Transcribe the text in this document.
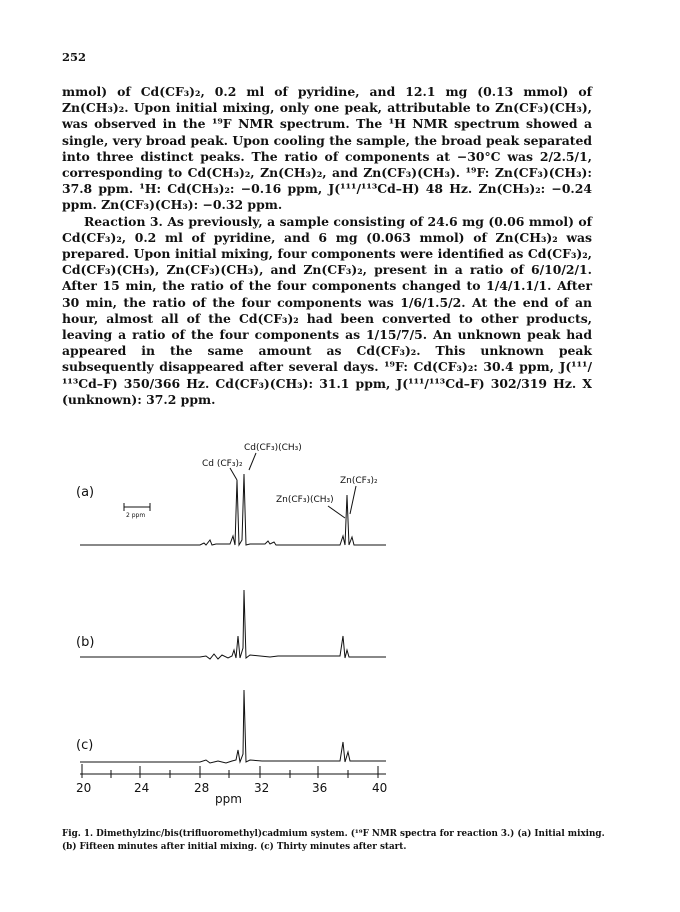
252

mmol) of Cd(CF₃)₂, 0.2 ml of pyridine, and 12.1 mg (0.13 mmol) of Zn(CH₃)₂. Upon initial mixing, only one peak, attributable to Zn(CF₃)(CH₃), was observed in the ¹⁹F NMR spectrum. The ¹H NMR spectrum showed a single, very broad peak. Upon cooling the sample, the broad peak separated into three distinct peaks. The ratio of components at −30°C was 2/2.5/1, corresponding to Cd(CH₃)₂, Zn(CH₃)₂, and Zn(CF₃)(CH₃). ¹⁹F: Zn(CF₃)(CH₃): 37.8 ppm. ¹H: Cd(CH₃)₂: −0.16 ppm, J(¹¹¹/¹¹³Cd–H) 48 Hz. Zn(CH₃)₂: −0.24 ppm. Zn(CF₃)(CH₃): −0.32 ppm.

Reaction 3. As previously, a sample consisting of 24.6 mg (0.06 mmol) of Cd(CF₃)₂, 0.2 ml of pyridine, and 6 mg (0.063 mmol) of Zn(CH₃)₂ was prepared. Upon initial mixing, four components were identified as Cd(CF₃)₂, Cd(CF₃)(CH₃), Zn(CF₃)(CH₃), and Zn(CF₃)₂, present in a ratio of 6/10/2/1. After 15 min, the ratio of the four components changed to 1/4/1.1/1. After 30 min, the ratio of the four components was 1/6/1.5/2. At the end of an hour, almost all of the Cd(CF₃)₂ had been converted to other products, leaving a ratio of the four components as 1/15/7/5. An unknown peak had appeared in the same amount as Cd(CF₃)₂. This unknown peak subsequently disappeared after several days. ¹⁹F: Cd(CF₃)₂: 30.4 ppm, J(¹¹¹/¹¹³Cd–F) 350/366 Hz. Cd(CF₃)(CH₃): 31.1 ppm, J(¹¹¹/¹¹³Cd–F) 302/319 Hz. X (unknown): 37.2 ppm.

Cd(CF₃)(CH₃)
Cd (CF₃)₂
Zn(CF₃)₂
Zn(CF₃)(CH₃)
2 ppm
20	24	28	32	36	40
ppm
(a)
(b)
(c)
Fig. 1. Dimethylzinc/bis(trifluoromethyl)cadmium system. (¹⁹F NMR spectra for reaction 3.) (a) Initial mixing. (b) Fifteen minutes after initial mixing. (c) Thirty minutes after start.
